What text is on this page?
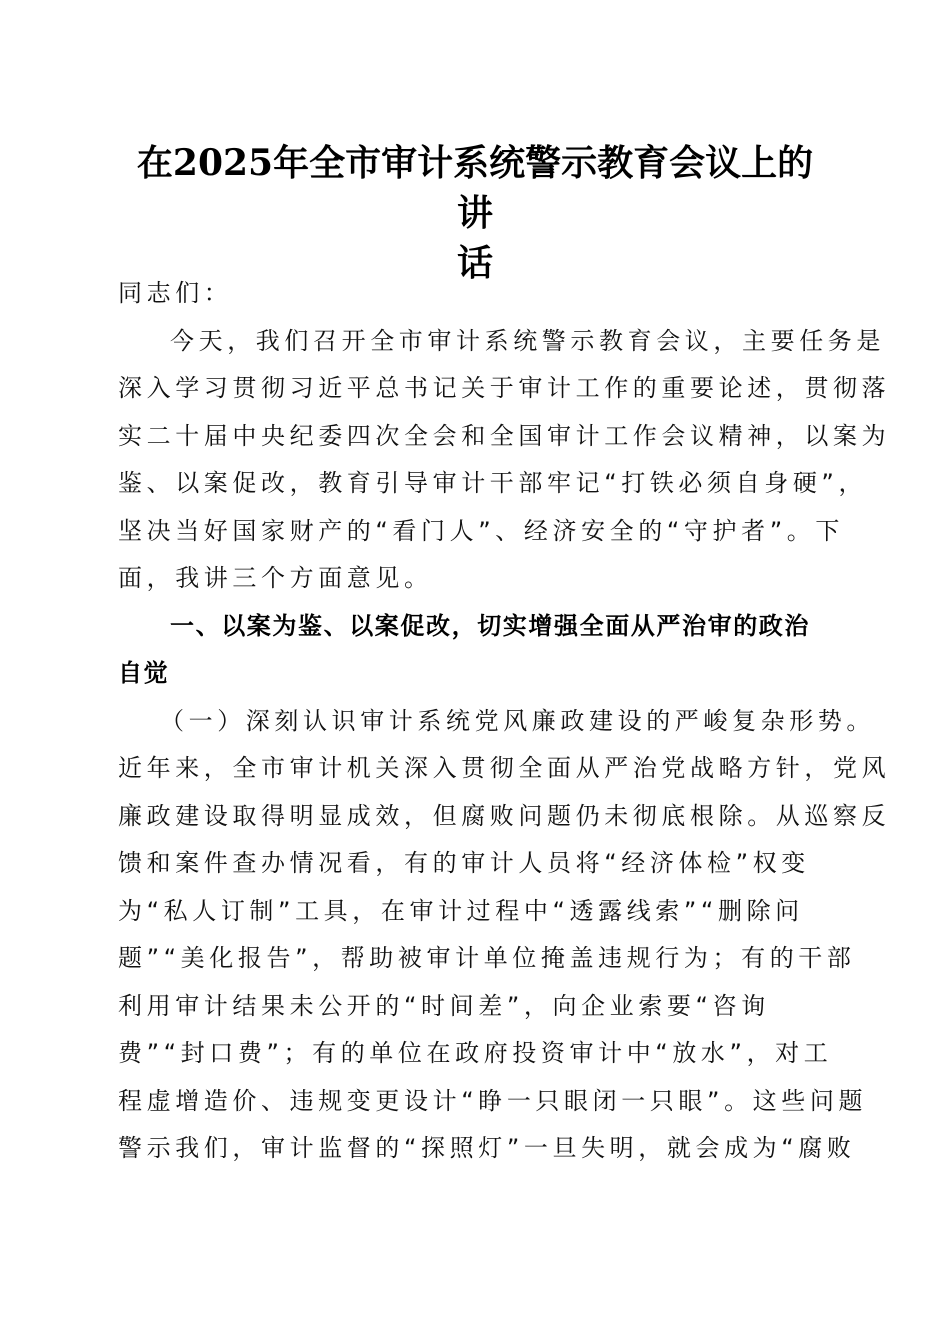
在2025年全市审计系统警示教育会议上的讲
话
同志们：
今天，我们召开全市审计系统警示教育会议，主要任务是
深入学习贯彻习近平总书记关于审计工作的重要论述，贯彻落
实二十届中央纪委四次全会和全国审计工作会议精神，以案为
鉴、以案促改，教育引导审计干部牢记“打铁必须自身硬”，
坚决当好国家财产的“看门人”、经济安全的“守护者”。下
面，我讲三个方面意见。
一、以案为鉴、以案促改，切实增强全面从严治审的政治
自觉
（一）深刻认识审计系统党风廉政建设的严峻复杂形势。
近年来，全市审计机关深入贯彻全面从严治党战略方针，党风
廉政建设取得明显成效，但腐败问题仍未彻底根除。从巡察反
馈和案件查办情况看，有的审计人员将“经济体检”权变
为“私人订制”工具，在审计过程中“透露线索”“删除问
题”“美化报告”，帮助被审计单位掩盖违规行为；有的干部
利用审计结果未公开的“时间差”，向企业索要“咨询
费”“封口费”；有的单位在政府投资审计中“放水”，对工
程虚增造价、违规变更设计“睁一只眼闭一只眼”。这些问题
警示我们，审计监督的“探照灯”一旦失明，就会成为“腐败
